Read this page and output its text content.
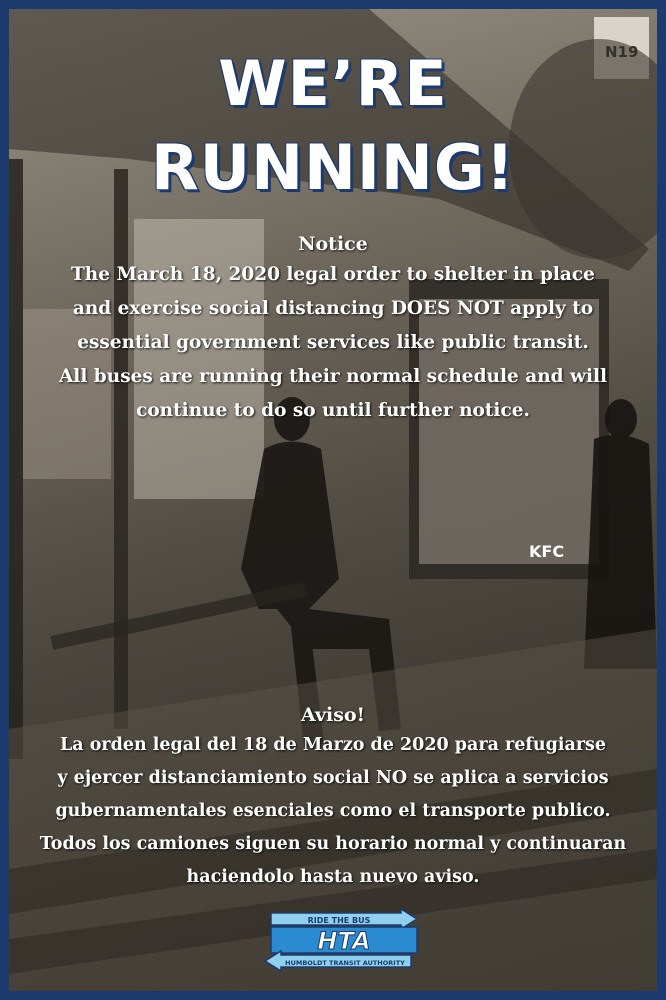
KFC
WE’RE
RUNNING!
Notice
The March 18, 2020 legal order to shelter in place
and exercise social distancing DOES NOT apply to
essential government services like public transit.
All buses are running their normal schedule and will
continue to do so until further notice.
Aviso!
La orden legal del 18 de Marzo de 2020 para refugiarse
y ejercer distanciamiento social NO se aplica a servicios
gubernamentales esenciales como el transporte publico.
Todos los camiones siguen su horario normal y continuaran
haciendolo hasta nuevo aviso.
RIDE THE BUS
HTA
HUMBOLDT TRANSIT AUTHORITY
